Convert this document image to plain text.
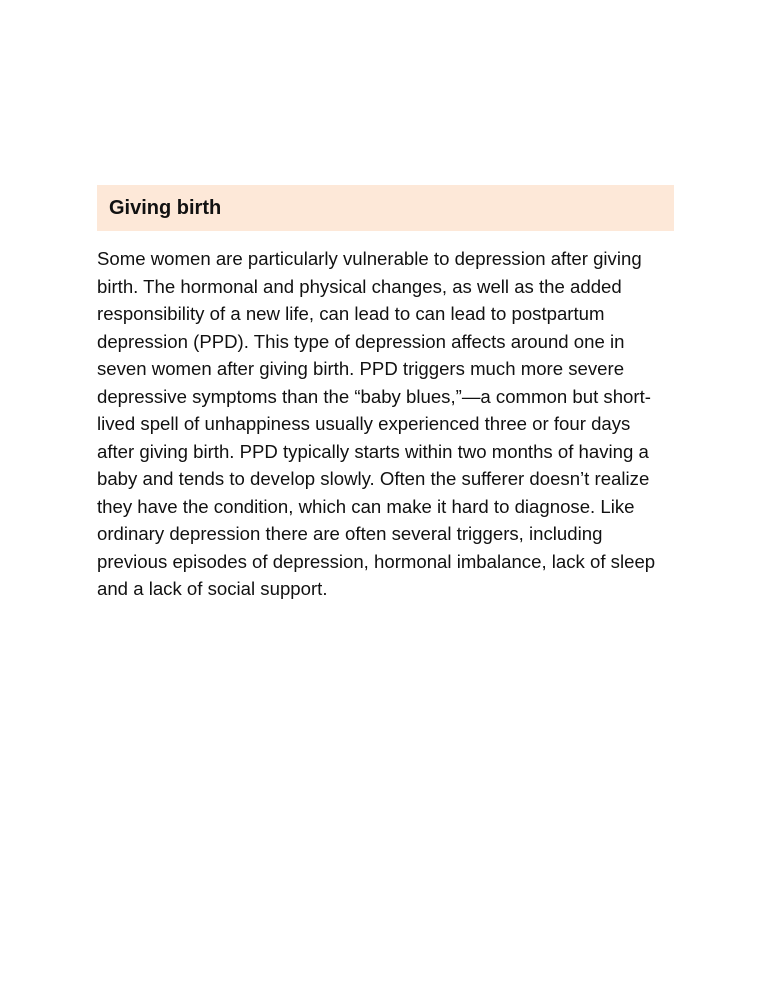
Giving birth

Some women are particularly vulnerable to depression after giving birth. The hormonal and physical changes, as well as the added responsibility of a new life, can lead to can lead to postpartum depression (PPD). This type of depression affects around one in seven women after giving birth. PPD triggers much more severe depressive symptoms than the “baby blues,”—a common but short-lived spell of unhappiness usually experienced three or four days after giving birth. PPD typically starts within two months of having a baby and tends to develop slowly. Often the sufferer doesn’t realize they have the condition, which can make it hard to diagnose. Like ordinary depression there are often several triggers, including previous episodes of depression, hormonal imbalance, lack of sleep and a lack of social support.
